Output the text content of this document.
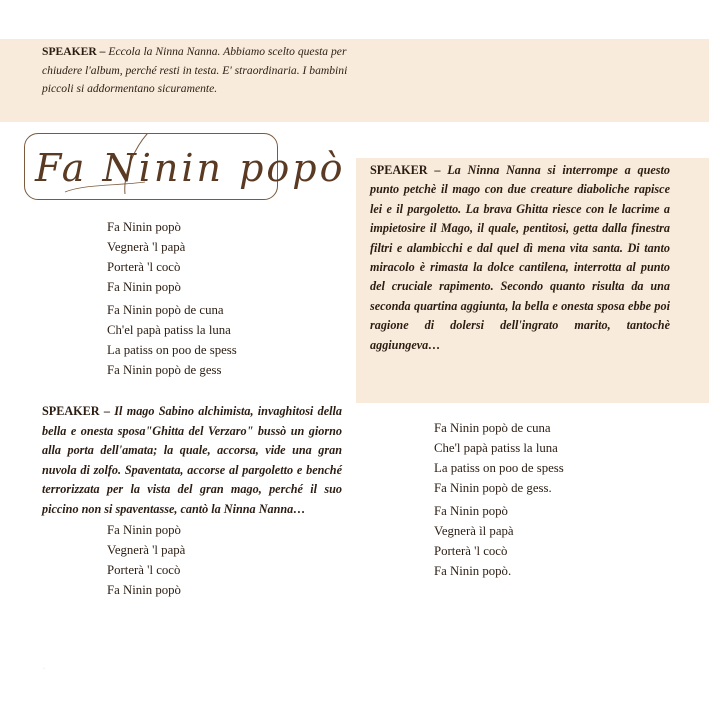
SPEAKER – Eccola la Ninna Nanna. Abbiamo scelto questa per chiudere l'album, perché resti in testa. E' straordinaria. I bambini piccoli si addormentano sicuramente.

Fa Ninin popò
Fa Ninin popò
Vegnerà 'l papà
Porterà 'l cocò
Fa Ninin popò
Fa Ninin popò de cuna
Ch'el papà patiss la luna
La patiss on poo de spess
Fa Ninin popò de gess

SPEAKER – Il mago Sabino alchimista, invaghitosi della bella e onesta sposa"Ghitta del Verzaro" bussò un giorno alla porta dell'amata; la quale, accorsa, vide una gran nuvola di zolfo. Spaventata, accorse al pargoletto e benché terrorizzata per la vista del gran mago, perché il suo piccino non si spaventasse, cantò la Ninna Nanna…

Fa Ninin popò
Vegnerà 'l papà
Porterà 'l cocò
Fa Ninin popò

SPEAKER – La Ninna Nanna si interrompe a questo punto petchè il mago con due creature diaboliche rapisce lei e il pargoletto. La brava Ghitta riesce con le lacrime a impietosire il Mago, il quale, pentitosi, getta dalla finestra filtri e alambicchi e dal quel dì mena vita santa. Di tanto miracolo è rimasta la dolce cantilena, interrotta al punto del cruciale rapimento. Secondo quanto risulta da una seconda quartina aggiunta, la bella e onesta sposa ebbe poi ragione di dolersi dell'ingrato marito, tantochè aggiungeva…

Fa Ninin popò de cuna
Che'l papà patiss la luna
La patiss on poo de spess
Fa Ninin popò de gess.
Fa Ninin popò
Vegnerà ìl papà
Porterà 'l cocò
Fa Ninin popò.
·
